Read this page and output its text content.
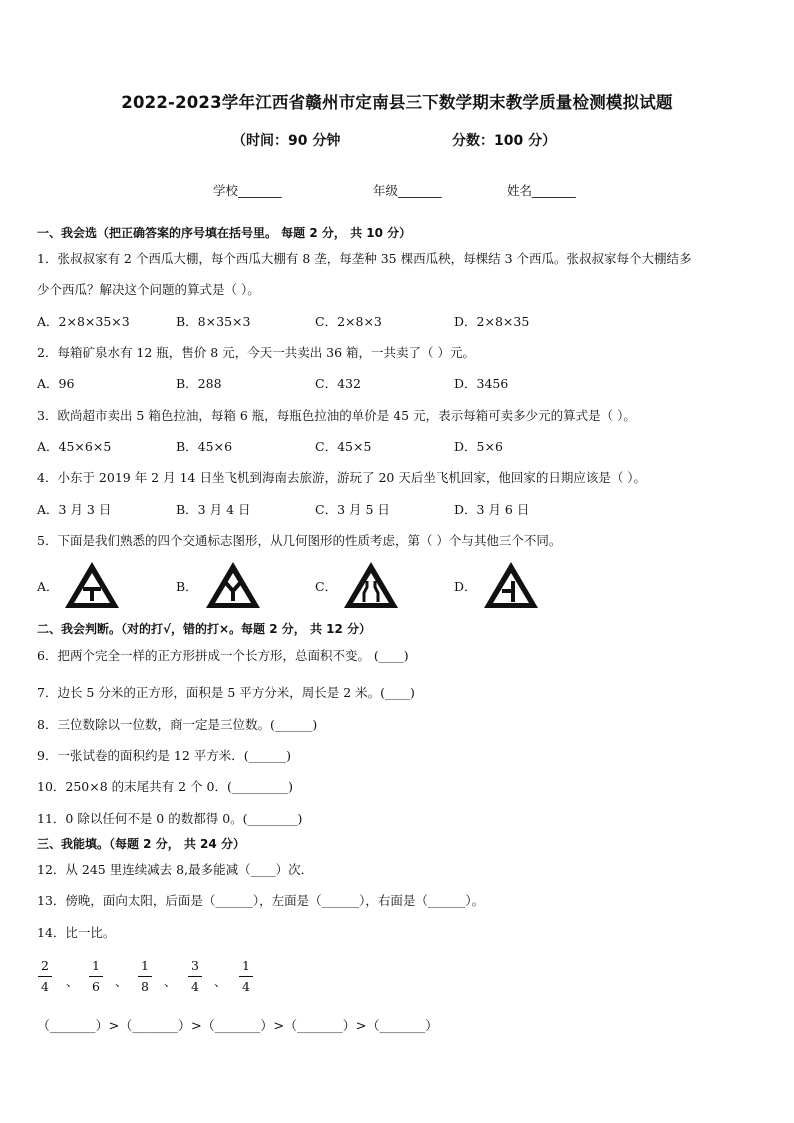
2022-2023学年江西省赣州市定南县三下数学期末教学质量检测模拟试题
（时间：90 分钟	分数：100 分）
学校_______	年级_______	姓名_______
一、我会选（把正确答案的序号填在括号里。 每题 2 分， 共 10 分）
1．张叔叔家有 2 个西瓜大棚，每个西瓜大棚有 8 垄，每垄种 35 棵西瓜秧，每棵结 3 个西瓜。张叔叔家每个大棚结多
少个西瓜？解决这个问题的算式是（ ）。
A．2×8×35×3	B．8×35×3	C．2×8×3	D．2×8×35
2．每箱矿泉水有 12 瓶，售价 8 元，今天一共卖出 36 箱，一共卖了（ ）元。
A．96	B．288	C．432	D．3456
3．欧尚超市卖出 5 箱色拉油，每箱 6 瓶，每瓶色拉油的单价是 45 元，表示每箱可卖多少元的算式是（ ）。
A．45×6×5	B．45×6	C．45×5	D．5×6
4．小东于 2019 年 2 月 14 日坐飞机到海南去旅游，游玩了 20 天后坐飞机回家，他回家的日期应该是（ ）。
A．3 月 3 日	B．3 月 4 日	C．3 月 5 日	D．3 月 6 日
5．下面是我们熟悉的四个交通标志图形，从几何图形的性质考虑，第（ ）个与其他三个不同。
A．	B．	C．	D．
二、我会判断。（对的打√，错的打×。每题 2 分， 共 12 分）
6．把两个完全一样的正方形拼成一个长方形，总面积不变。 (____)
7．边长 5 分米的正方形，面积是 5 平方分米，周长是 2 米。(____)
8．三位数除以一位数，商一定是三位数。(______)
9．一张试卷的面积约是 12 平方米．(______)
10．250×8 的末尾共有 2 个 0．(_________)
11．0 除以任何不是 0 的数都得 0。(________)
三、我能填。（每题 2 分， 共 24 分）
12．从 245 里连续减去 8,最多能减（____）次．
13．傍晚，面向太阳，后面是（______），左面是（______），右面是（______）。
14．比一比。
2
4 、
1
6 、
1
8 、
3
4 、
1
4
（_______）>（_______）>（_______）>（_______）>（_______）
